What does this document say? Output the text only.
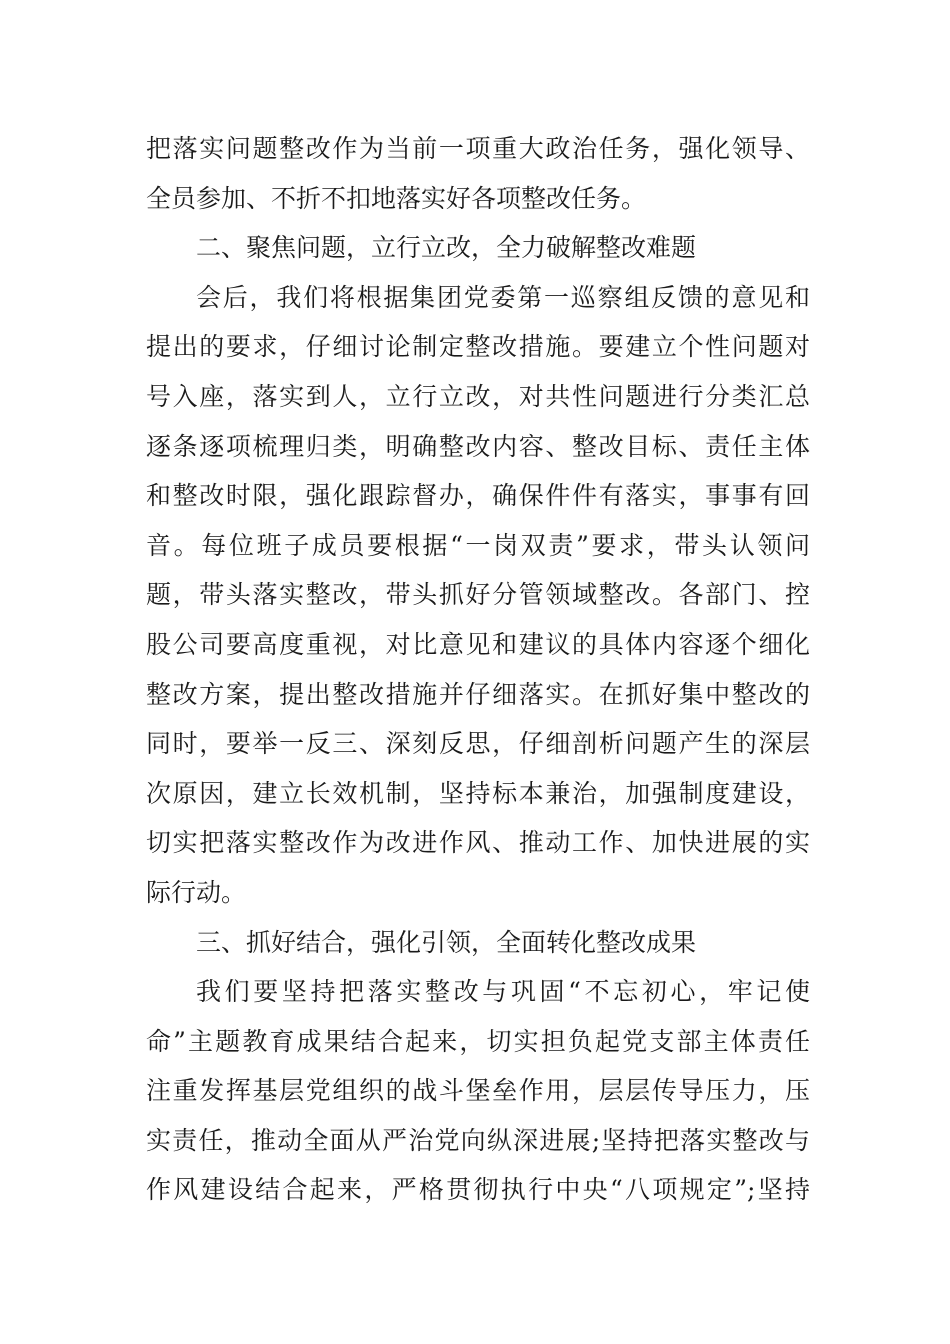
把落实问题整改作为当前一项重大政治任务，强化领导、
全员参加、不折不扣地落实好各项整改任务。
二、聚焦问题，立行立改，全力破解整改难题
会后，我们将根据集团党委第一巡察组反馈的意见和
提出的要求，仔细讨论制定整改措施。要建立个性问题对
号入座，落实到人，立行立改，对共性问题进行分类汇总
逐条逐项梳理归类，明确整改内容、整改目标、责任主体
和整改时限，强化跟踪督办，确保件件有落实，事事有回
音。每位班子成员要根据“一岗双责”要求，带头认领问
题，带头落实整改，带头抓好分管领域整改。各部门、控
股公司要高度重视，对比意见和建议的具体内容逐个细化
整改方案，提出整改措施并仔细落实。在抓好集中整改的
同时，要举一反三、深刻反思，仔细剖析问题产生的深层
次原因，建立长效机制，坚持标本兼治，加强制度建设，
切实把落实整改作为改进作风、推动工作、加快进展的实
际行动。
三、抓好结合，强化引领，全面转化整改成果
我们要坚持把落实整改与巩固“不忘初心，牢记使
命”主题教育成果结合起来，切实担负起党支部主体责任
注重发挥基层党组织的战斗堡垒作用，层层传导压力，压
实责任，推动全面从严治党向纵深进展;坚持把落实整改与
作风建设结合起来，严格贯彻执行中央“八项规定”;坚持
